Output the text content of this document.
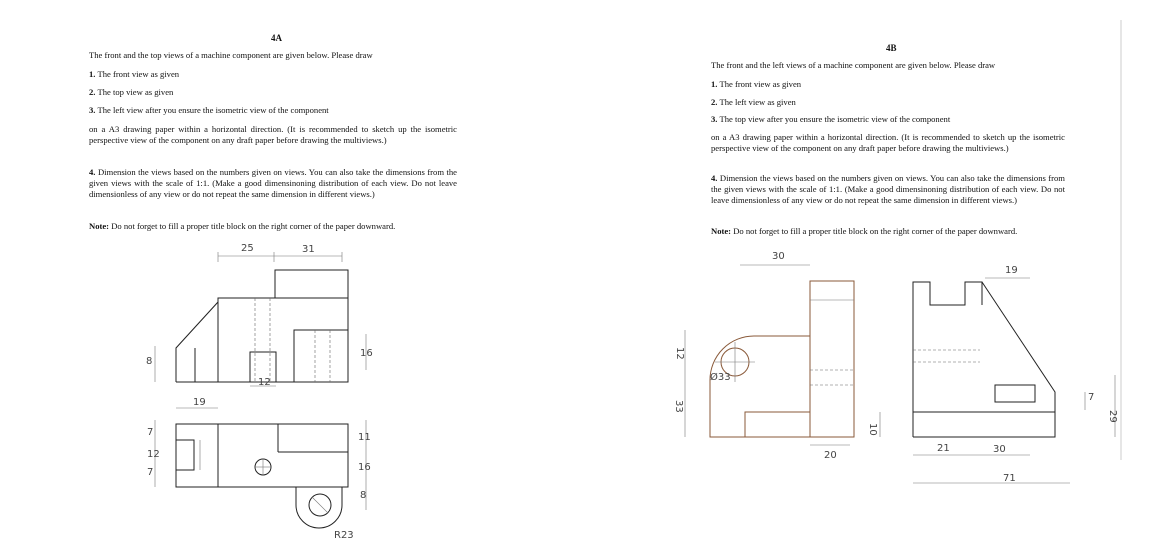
4A
The front and the top views of a machine component are given below. Please draw
1. The front view as given
2. The top view as given
3. The left view after you ensure the isometric view of the component
on a A3 drawing paper within a horizontal direction. (It is recommended to sketch up the isometric perspective view of the component on any draft paper before drawing the multiviews.)
4. Dimension the views based on the numbers given on views. You can also take the dimensions from the given views with the scale of 1:1. (Make a good dimensinoning distribution of each view. Do not leave dimensionless of any view or do not repeat the same dimension in different views.)
Note: Do not forget to fill a proper title block on the right corner of the paper downward.
25	31
8
12
16
19
7
12
7
11
16
8
R23
4B
The front and the left views of a machine component are given below. Please draw
1. The front view as given
2. The left view as given
3. The top view after you ensure the isometric view of the component
on a A3 drawing paper within a horizontal direction. (It is recommended to sketch up the isometric perspective view of the component on any draft paper before drawing the multiviews.)
4. Dimension the views based on the numbers given on views. You can also take the dimensions from the given views with the scale of 1:1. (Make a good dimensinoning distribution of each view. Do not leave dimensionless of any view or do not repeat the same dimension in different views.)
Note: Do not forget to fill a proper title block on the right corner of the paper downward.
30
12
33
Ø33
20
19
7
29
21	30
71
10
